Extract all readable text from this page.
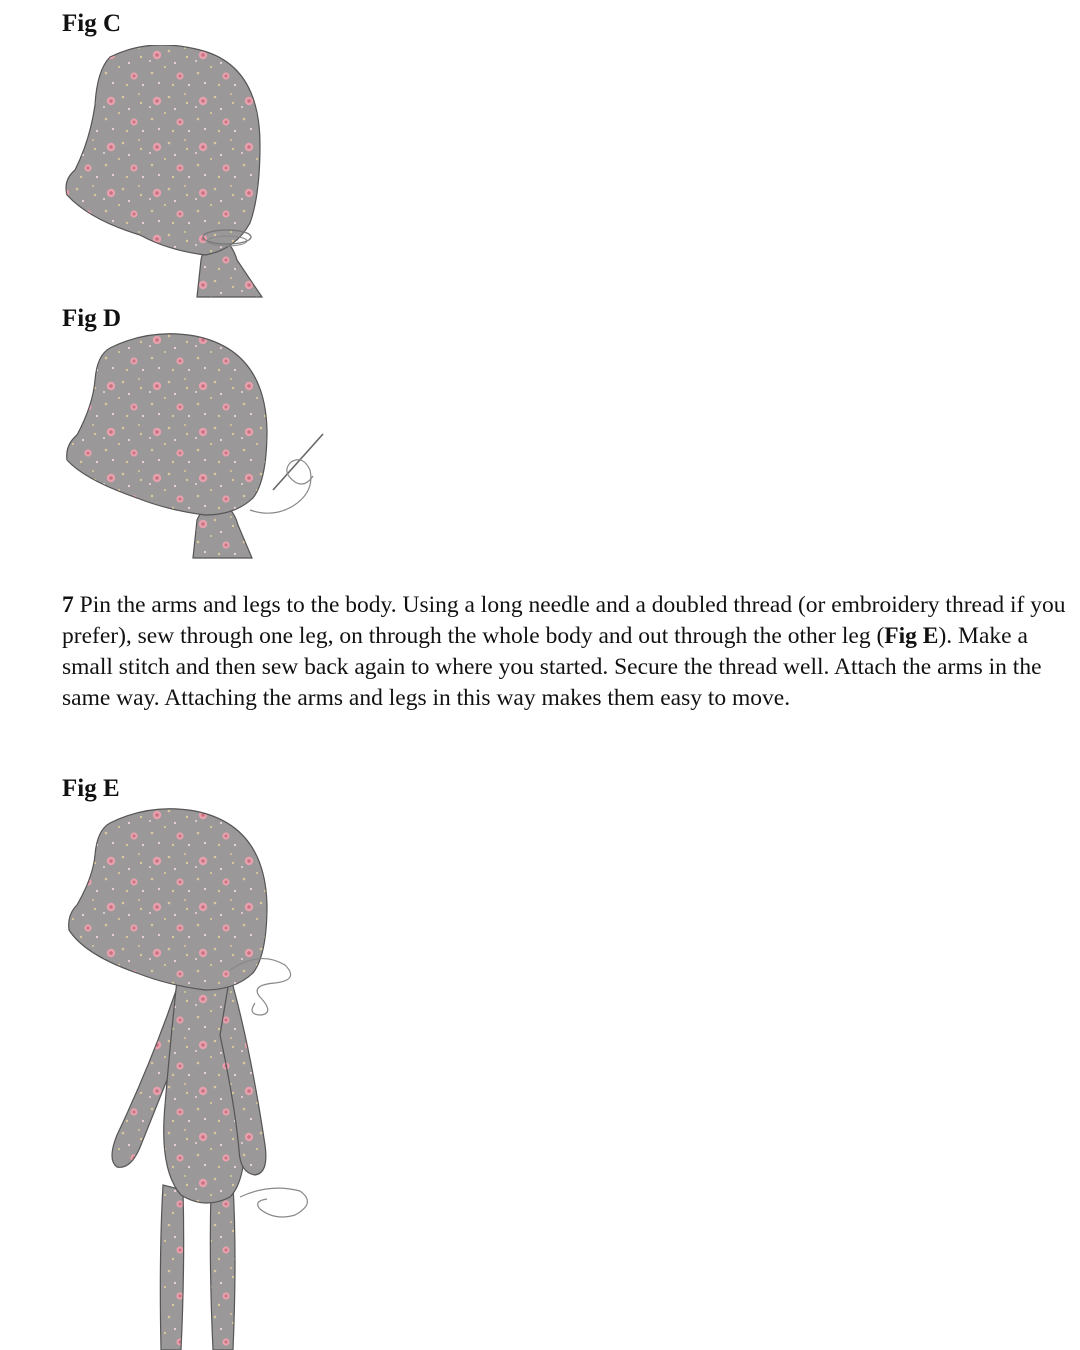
Fig C
Fig D

7 Pin the arms and legs to the body. Using a long needle and a doubled thread (or embroidery thread if you prefer), sew through one leg, on through the whole body and out through the other leg (Fig E). Make a small stitch and then sew back again to where you started. Secure the thread well. Attach the arms in the same way. Attaching the arms and legs in this way makes them easy to move.

Fig E
